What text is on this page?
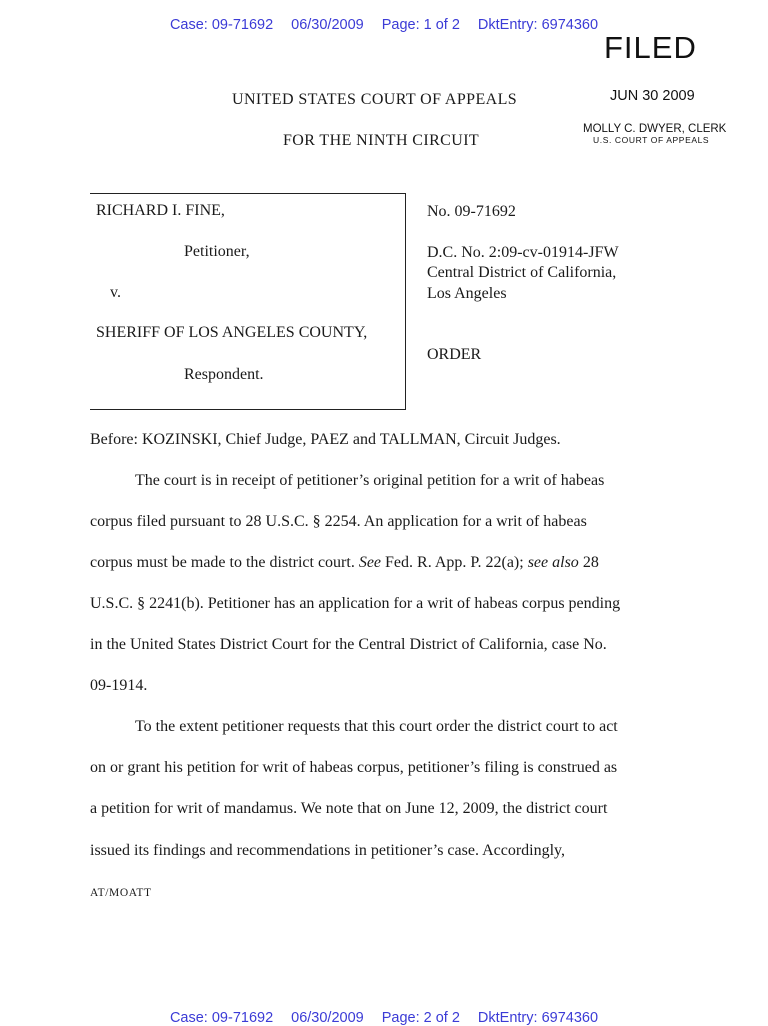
Case: 09-71692 06/30/2009 Page: 1 of 2 DktEntry: 6974360
FILED
JUN 30 2009
MOLLY C. DWYER, CLERK
U.S. COURT OF APPEALS
UNITED STATES COURT OF APPEALS
FOR THE NINTH CIRCUIT
RICHARD I. FINE,
Petitioner,
v.
SHERIFF OF LOS ANGELES COUNTY,
Respondent.
No. 09-71692
D.C. No. 2:09-cv-01914-JFW
Central District of California,
Los Angeles
ORDER
Before: KOZINSKI, Chief Judge, PAEZ and TALLMAN, Circuit Judges.
The court is in receipt of petitioner’s original petition for a writ of habeas
corpus filed pursuant to 28 U.S.C. § 2254. An application for a writ of habeas
corpus must be made to the district court. See Fed. R. App. P. 22(a); see also 28
U.S.C. § 2241(b). Petitioner has an application for a writ of habeas corpus pending
in the United States District Court for the Central District of California, case No.
09-1914.
To the extent petitioner requests that this court order the district court to act
on or grant his petition for writ of habeas corpus, petitioner’s filing is construed as
a petition for writ of mandamus. We note that on June 12, 2009, the district court
issued its findings and recommendations in petitioner’s case. Accordingly,
AT/MOATT
Case: 09-71692 06/30/2009 Page: 2 of 2 DktEntry: 6974360
